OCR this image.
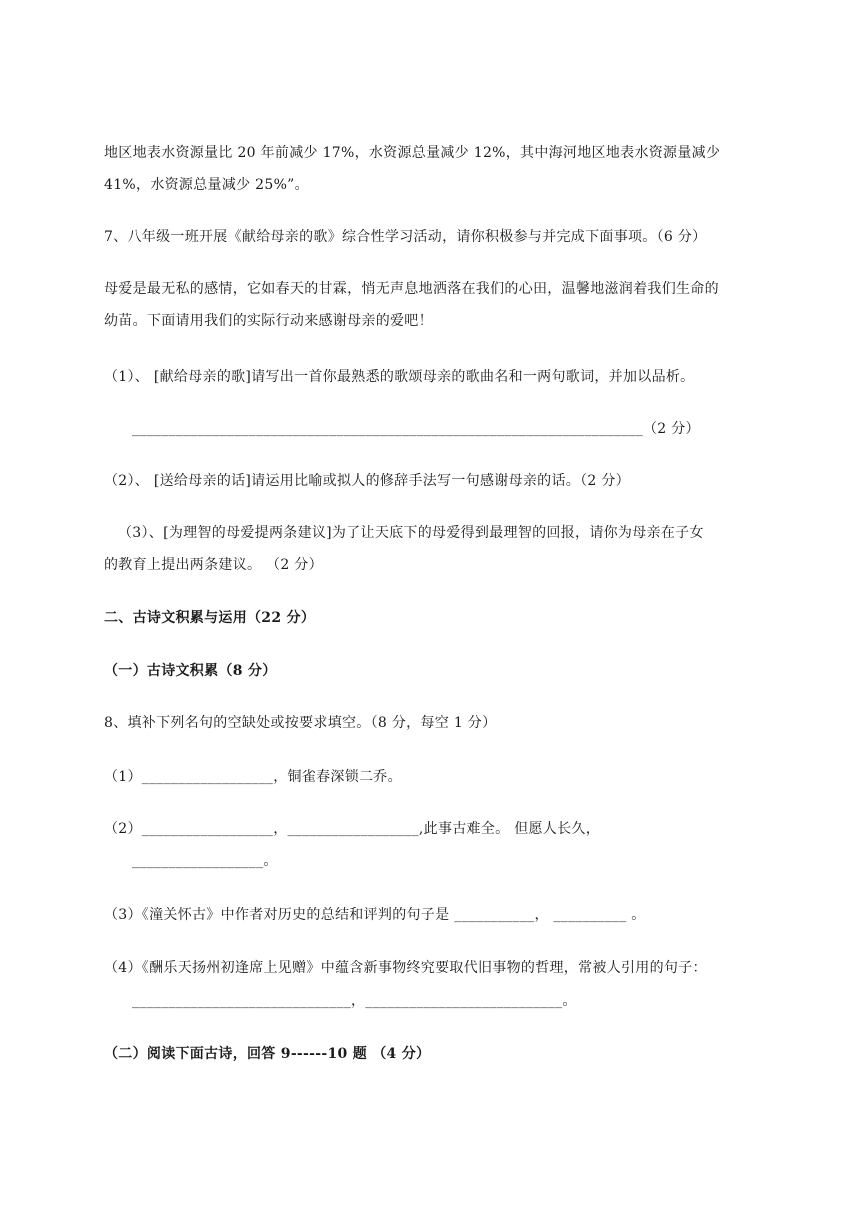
地区地表水资源量比 20 年前减少 17%，水资源总量减少 12%，其中海河地区地表水资源量减少
41%，水资源总量减少 25%”。
7、八年级一班开展《献给母亲的歌》综合性学习活动，请你积极参与并完成下面事项。（6 分）
母爱是最无私的感情，它如春天的甘霖，悄无声息地洒落在我们的心田，温馨地滋润着我们生命的
幼苗。下面请用我们的实际行动来感谢母亲的爱吧！
（1）、 [献给母亲的歌]请写出一首你最熟悉的歌颂母亲的歌曲名和一两句歌词，并加以品析。
______________________________________________________________________（2 分）
（2）、 [送给母亲的话]请运用比喻或拟人的修辞手法写一句感谢母亲的话。（2 分）
（3）、[为理智的母爱提两条建议]为了让天底下的母爱得到最理智的回报，请你为母亲在子女
的教育上提出两条建议。 （2 分）
二、古诗文积累与运用（22 分）
（一）古诗文积累（8 分）
8、填补下列名句的空缺处或按要求填空。（8 分，每空 1 分）
（1）__________________，铜雀春深锁二乔。
（2）__________________，__________________,此事古难全。 但愿人长久，
__________________。
（3）《潼关怀古》中作者对历史的总结和评判的句子是 ___________， __________ 。
（4）《酬乐天扬州初逢席上见赠》中蕴含新事物终究要取代旧事物的哲理，常被人引用的句子：
______________________________，___________________________。
（二）阅读下面古诗，回答 9------10 题 （4 分）
